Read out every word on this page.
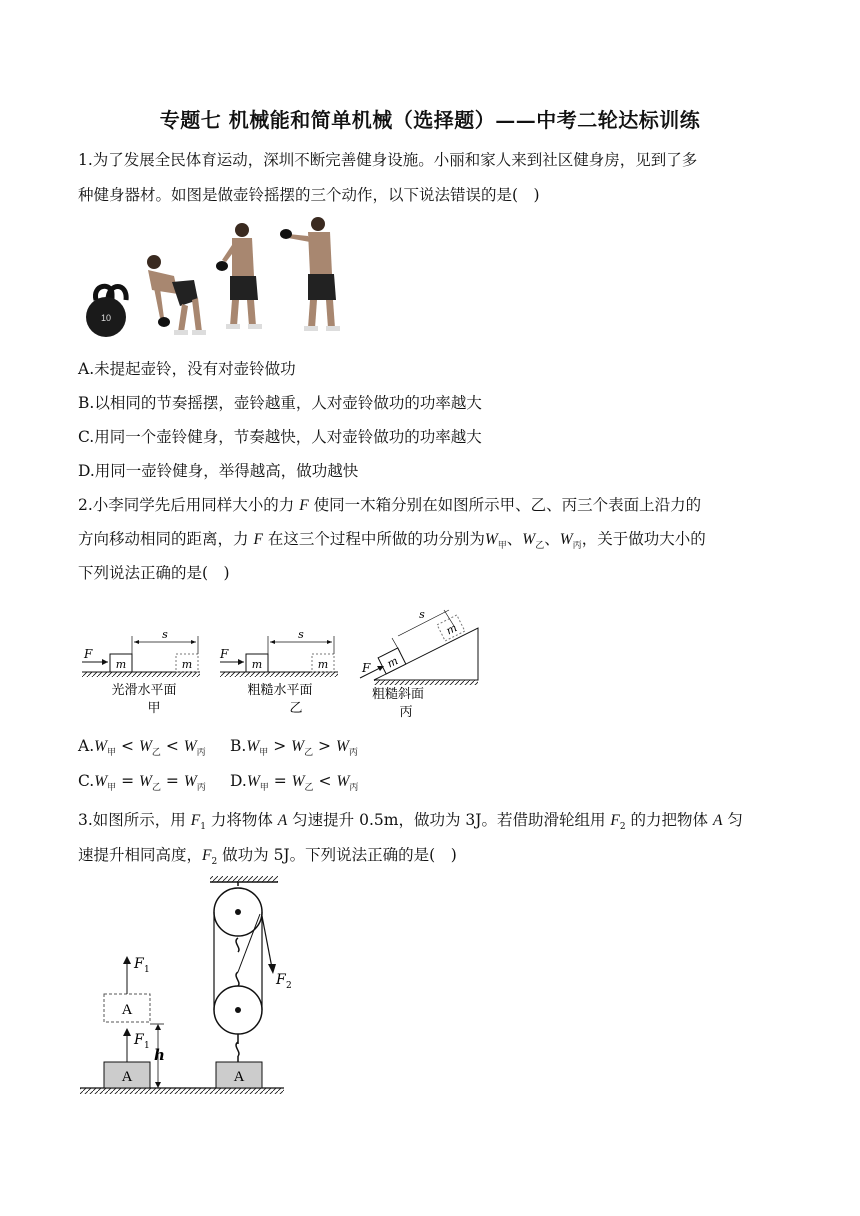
专题七 机械能和简单机械（选择题）——中考二轮达标训练
1.为了发展全民体育运动，深圳不断完善健身设施。小丽和家人来到社区健身房，见到了多
种健身器材。如图是做壶铃摇摆的三个动作，以下说法错误的是(　)
10
A.未提起壶铃，没有对壶铃做功
B.以相同的节奏摇摆，壶铃越重，人对壶铃做功的功率越大
C.用同一个壶铃健身，节奏越快，人对壶铃做功的功率越大
D.用同一壶铃健身，举得越高，做功越快
2.小李同学先后用同样大小的力 F 使同一木箱分别在如图所示甲、乙、丙三个表面上沿力的
方向移动相同的距离，力 F 在这三个过程中所做的功分别为$W_甲$、$W_乙$、$W_丙$，关于做功大小的
下列说法正确的是(　)
m	m
F
s
光滑水平面
甲
m	m
F
s
粗糙水平面
乙
m
m
F
s
粗糙斜面
丙
$A.W_甲 < W_乙 < W_丙$ $B.W_甲 > W_乙 > W_丙$
$C.W_甲 = W_乙 = W_丙$ $D.W_甲 = W_乙 < W_丙$
3.如图所示，用 $F_1$ 力将物体 A 匀速提升 0.5m，做功为 3J。若借助滑轮组用 $F_2$ 的力把物体 A 匀
速提升相同高度，$F_2$ 做功为 5J。下列说法正确的是(　)
A
A
F 1
F 1
h
F 2
A
